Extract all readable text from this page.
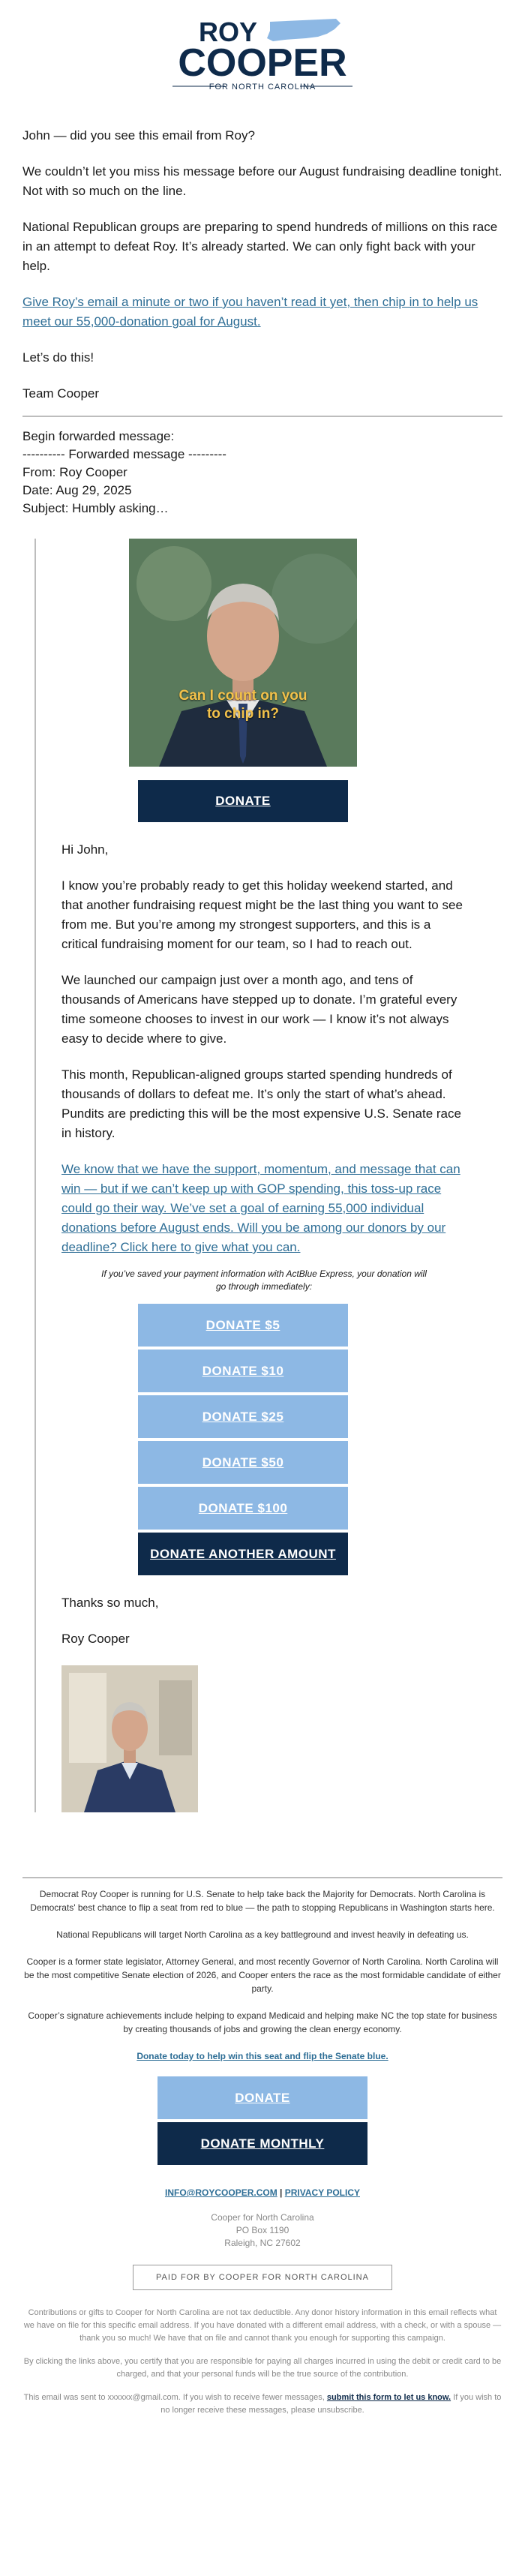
ROY
COOPER
FOR NORTH CAROLINA

John — did you see this email from Roy?

We couldn’t let you miss his message before our August fundraising deadline tonight. Not with so much on the line.

National Republican groups are preparing to spend hundreds of millions on this race in an attempt to defeat Roy. It’s already started. We can only fight back with your help.

Give Roy’s email a minute or two if you haven’t read it yet, then chip in to help us meet our 55,000-donation goal for August.

Let’s do this!

Team Cooper

Begin forwarded message:
---------- Forwarded message ---------
From: Roy Cooper
Date: Aug 29, 2025
Subject: Humbly asking…
Can I count on you
to chip in?
DONATE

Hi John,

I know you’re probably ready to get this holiday weekend started, and that another fundraising request might be the last thing you want to see from me. But you’re among my strongest supporters, and this is a critical fundraising moment for our team, so I had to reach out.

We launched our campaign just over a month ago, and tens of thousands of Americans have stepped up to donate. I’m grateful every time someone chooses to invest in our work — I know it’s not always easy to decide where to give.

This month, Republican-aligned groups started spending hundreds of thousands of dollars to defeat me. It’s only the start of what’s ahead. Pundits are predicting this will be the most expensive U.S. Senate race in history.

We know that we have the support, momentum, and message that can win — but if we can’t keep up with GOP spending, this toss-up race could go their way. We’ve set a goal of earning 55,000 individual donations before August ends. Will you be among our donors by our deadline? Click here to give what you can.

If you’ve saved your payment information with ActBlue Express, your donation will go through immediately:

DONATE $5
DONATE $10
DONATE $25
DONATE $50
DONATE $100
DONATE ANOTHER AMOUNT

Thanks so much,

Roy Cooper

Democrat Roy Cooper is running for U.S. Senate to help take back the Majority for Democrats. North Carolina is Democrats' best chance to flip a seat from red to blue — the path to stopping Republicans in Washington starts here.

National Republicans will target North Carolina as a key battleground and invest heavily in defeating us.

Cooper is a former state legislator, Attorney General, and most recently Governor of North Carolina. North Carolina will be the most competitive Senate election of 2026, and Cooper enters the race as the most formidable candidate of either party.

Cooper’s signature achievements include helping to expand Medicaid and helping make NC the top state for business by creating thousands of jobs and growing the clean energy economy.

Donate today to help win this seat and flip the Senate blue.

DONATE
DONATE MONTHLY

INFO@ROYCOOPER.COM | PRIVACY POLICY

Cooper for North Carolina
PO Box 1190
Raleigh, NC 27602
PAID FOR BY COOPER FOR NORTH CAROLINA

Contributions or gifts to Cooper for North Carolina are not tax deductible. Any donor history information in this email reflects what we have on file for this specific email address. If you have donated with a different email address, with a check, or with a spouse — thank you so much! We have that on file and cannot thank you enough for supporting this campaign.

By clicking the links above, you certify that you are responsible for paying all charges incurred in using the debit or credit card to be charged, and that your personal funds will be the true source of the contribution.

This email was sent to xxxxxx@gmail.com. If you wish to receive fewer messages, submit this form to let us know. If you wish to no longer receive these messages, please unsubscribe.
